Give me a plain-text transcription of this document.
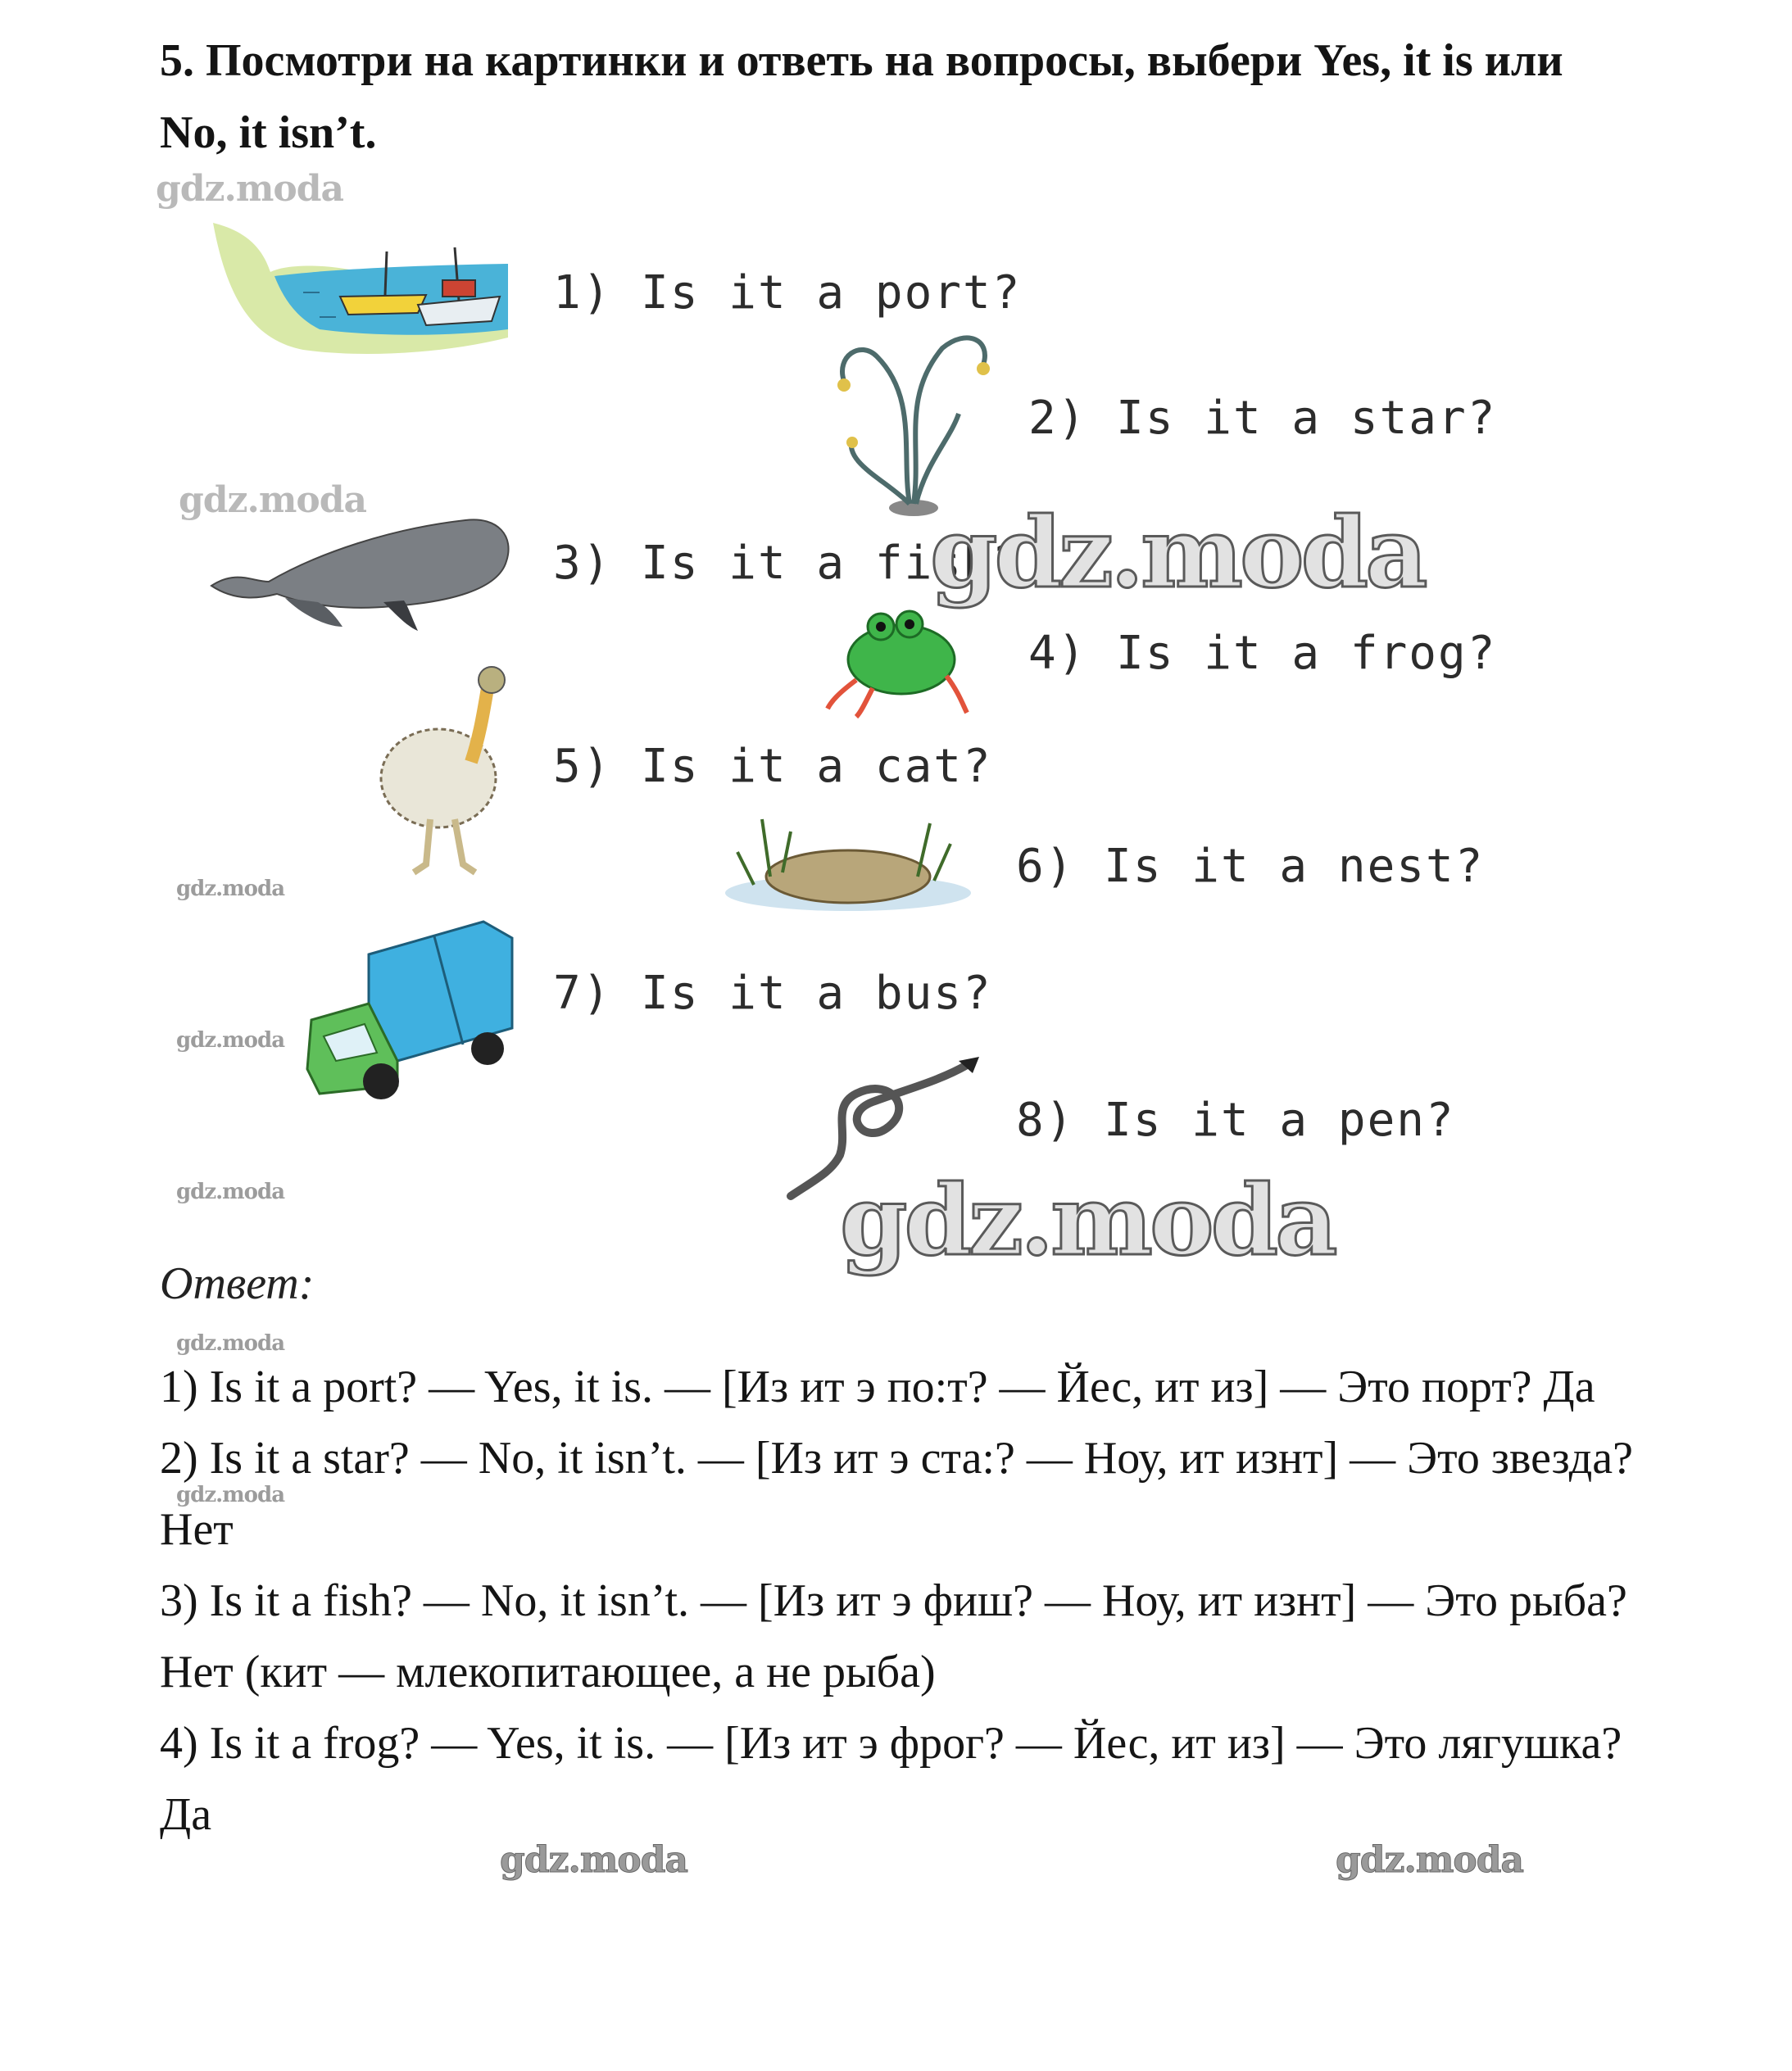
5. Посмотри на картинки и ответь на вопросы, выбери Yes, it is или No, it isn’t.
gdz.moda
gdz.moda
gdz.moda
gdz.moda
gdz.moda
gdz.moda
gdz.moda

1) Is it a port?

2) Is it a star?

3) Is it a fish?

4) Is it a frog?

5) Is it a cat?

6) Is it a nest?

7) Is it a bus?

8) Is it a pen?

gdz.moda
gdz.moda

Ответ:

1) Is it a port? — Yes, it is. — [Из ит э по:т? — Йес, ит из] — Это порт? Да

2) Is it a star? — No, it isn’t. — [Из ит э ста:? — Ноу, ит изнт] — Это звезда? Нет

3) Is it a fish? — No, it isn’t. — [Из ит э фиш? — Ноу, ит изнт] — Это рыба? Нет (кит — млекопитающее, а не рыба)

4) Is it a frog? — Yes, it is. — [Из ит э фрог? — Йес, ит из] — Это лягушка? Да

gdz.moda	gdz.moda
